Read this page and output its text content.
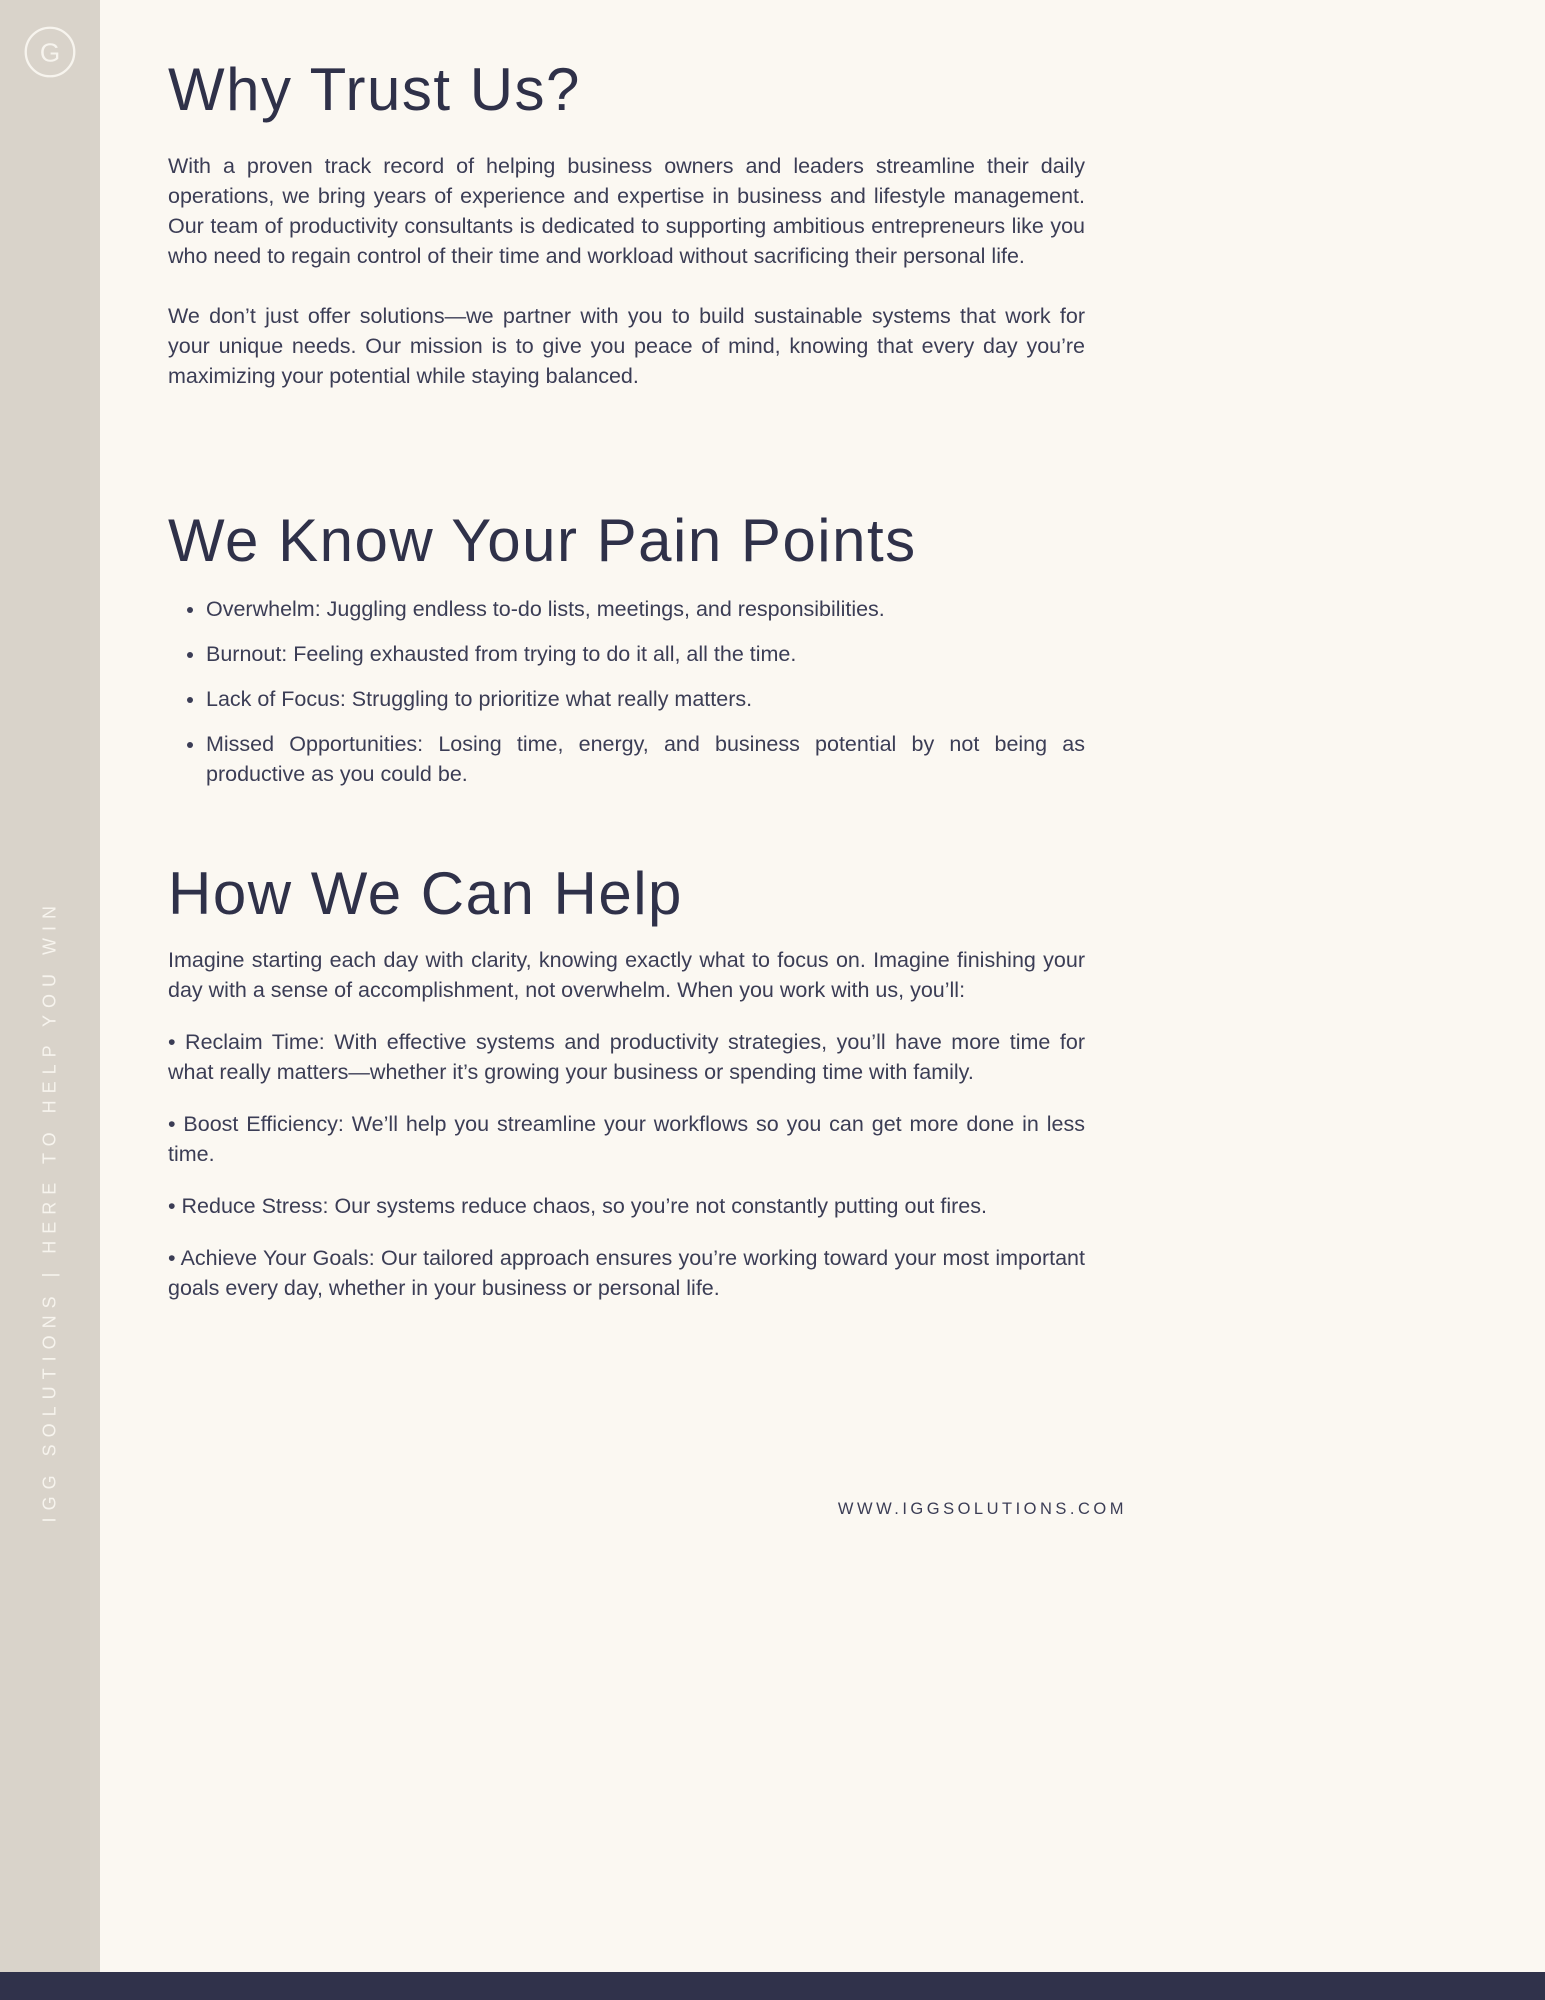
G
IGG SOLUTIONS | HERE TO HELP YOU WIN
Why Trust Us?

With a proven track record of helping business owners and leaders streamline their daily operations, we bring years of experience and expertise in business and lifestyle management. Our team of productivity consultants is dedicated to supporting ambitious entrepreneurs like you who need to regain control of their time and workload without sacrificing their personal life.

We don’t just offer solutions—we partner with you to build sustainable systems that work for your unique needs. Our mission is to give you peace of mind, knowing that every day you’re maximizing your potential while staying balanced.

We Know Your Pain Points
• Overwhelm: Juggling endless to-do lists, meetings, and responsibilities.
• Burnout: Feeling exhausted from trying to do it all, all the time.
• Lack of Focus: Struggling to prioritize what really matters.
• Missed Opportunities: Losing time, energy, and business potential by not being as productive as you could be.
How We Can Help

Imagine starting each day with clarity, knowing exactly what to focus on. Imagine finishing your day with a sense of accomplishment, not overwhelm. When you work with us, you’ll:

• Reclaim Time: With effective systems and productivity strategies, you’ll have more time for what really matters—whether it’s growing your business or spending time with family.

• Boost Efficiency: We’ll help you streamline your workflows so you can get more done in less time.

• Reduce Stress: Our systems reduce chaos, so you’re not constantly putting out fires.

• Achieve Your Goals: Our tailored approach ensures you’re working toward your most important goals every day, whether in your business or personal life.

WWW.IGGSOLUTIONS.COM
